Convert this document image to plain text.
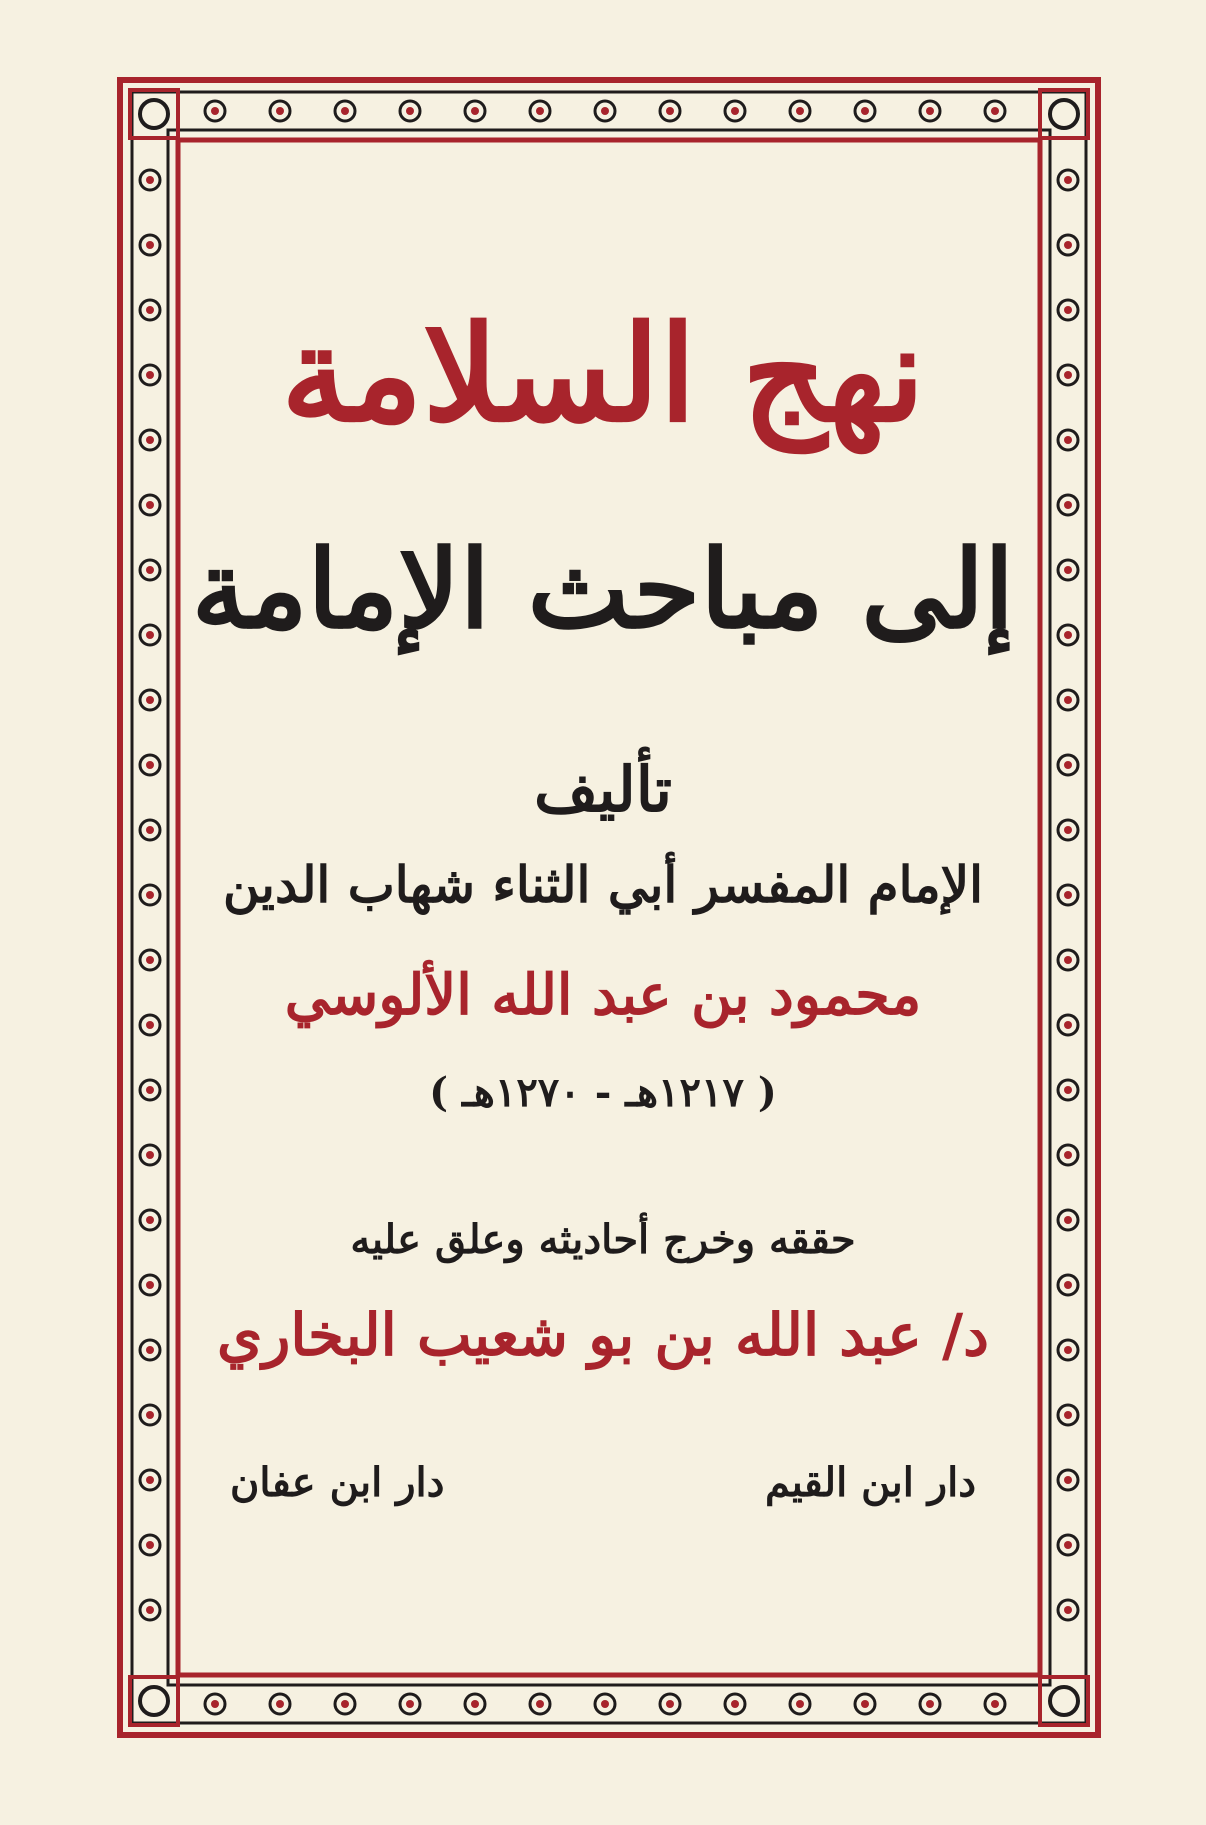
نهج السلامة
إلى مباحث الإمامة
تأليف
الإمام المفسر أبي الثناء شهاب الدين
محمود بن عبد الله الألوسي
( ١٢١٧هـ - ١٢٧٠هـ )
حققه وخرج أحاديثه وعلق عليه
د/ عبد الله بن بو شعيب البخاري
دار ابن القيم
دار ابن عفان
